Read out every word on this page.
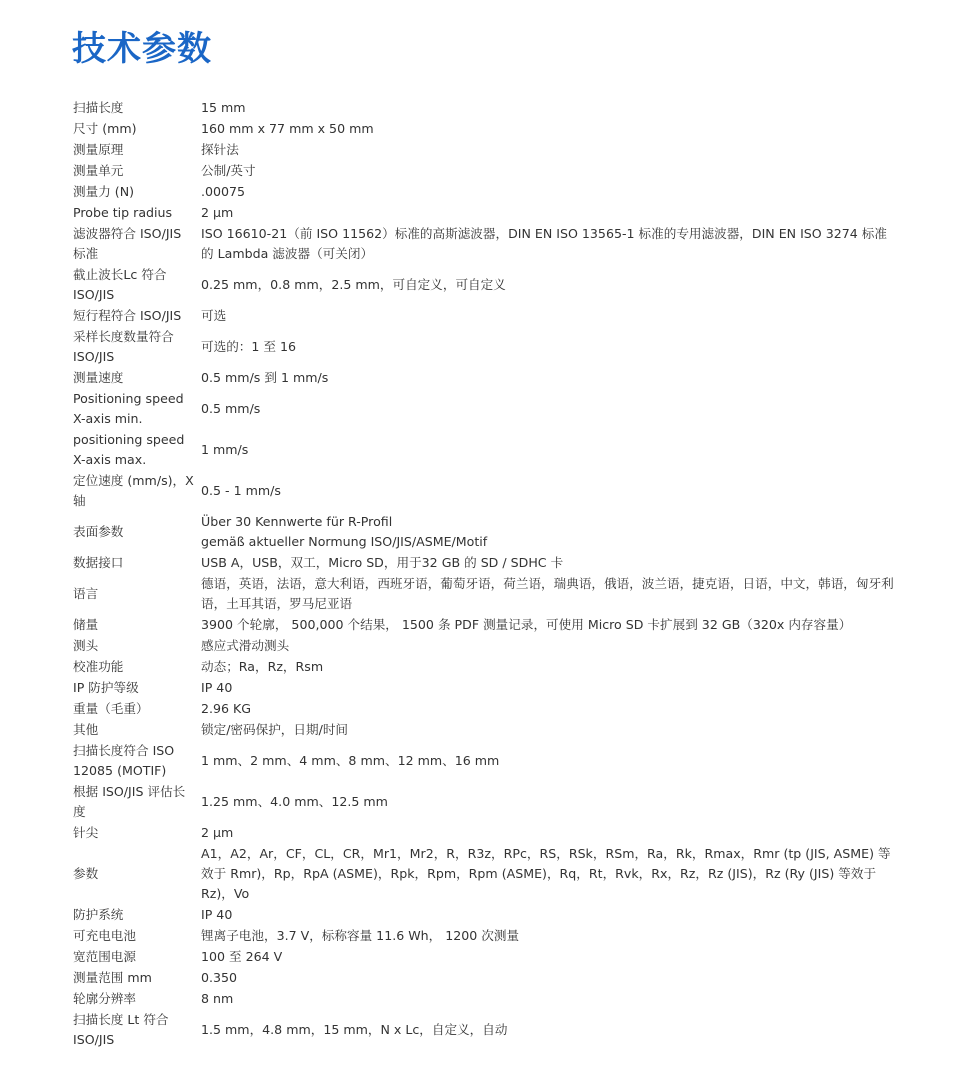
技术参数
扫描长度	15 mm
尺寸 (mm)	160 mm x 77 mm x 50 mm
测量原理	探针法
测量单元	公制/英寸
测量力 (N)	.00075
Probe tip radius	2 µm
滤波器符合 ISO/JIS 标准	ISO 16610-21（前 ISO 11562）标准的高斯滤波器，DIN EN ISO 13565-1 标准的专用滤波器，DIN EN ISO 3274 标准的 Lambda 滤波器（可关闭）
截止波长Lc 符合 ISO/JIS	0.25 mm，0.8 mm，2.5 mm，可自定义，可自定义
短行程符合 ISO/JIS	可选
采样长度数量符合 ISO/JIS	可选的：1 至 16
测量速度	0.5 mm/s 到 1 mm/s
Positioning speed X-axis min.	0.5 mm/s
positioning speed X-axis max.	1 mm/s
定位速度 (mm/s)，X 轴	0.5 - 1 mm/s
表面参数	Über 30 Kennwerte für R-Profil
gemäß aktueller Normung ISO/JIS/ASME/Motif
数据接口	USB A，USB，双工，Micro SD，用于32 GB 的 SD / SDHC 卡
语言	德语，英语，法语，意大利语，西班牙语，葡萄牙语，荷兰语，瑞典语，俄语，波兰语，捷克语，日语，中文，韩语，匈牙利语，土耳其语，罗马尼亚语
储量	3900 个轮廓， 500,000 个结果， 1500 条 PDF 测量记录，可使用 Micro SD 卡扩展到 32 GB（320x 内存容量）
测头	感应式滑动测头
校准功能	动态；Ra，Rz，Rsm
IP 防护等级	IP 40
重量（毛重）	2.96 KG
其他	锁定/密码保护，日期/时间
扫描长度符合 ISO 12085 (MOTIF)	1 mm、2 mm、4 mm、8 mm、12 mm、16 mm
根据 ISO/JIS 评估长度	1.25 mm、4.0 mm、12.5 mm
针尖	2 µm
参数	A1，A2，Ar，CF，CL，CR，Mr1，Mr2，R，R3z，RPc，RS，RSk，RSm，Ra，Rk，Rmax，Rmr (tp (JIS, ASME) 等效于 Rmr)，Rp，RpA (ASME)，Rpk，Rpm，Rpm (ASME)，Rq，Rt，Rvk，Rx，Rz，Rz (JIS)，Rz (Ry (JIS) 等效于 Rz)，Vo
防护系统	IP 40
可充电电池	锂离子电池，3.7 V，标称容量 11.6 Wh， 1200 次测量
宽范围电源	100 至 264 V
测量范围 mm	0.350
轮廓分辨率	8 nm
扫描长度 Lt 符合 ISO/JIS	1.5 mm，4.8 mm，15 mm，N x Lc，自定义，自动
